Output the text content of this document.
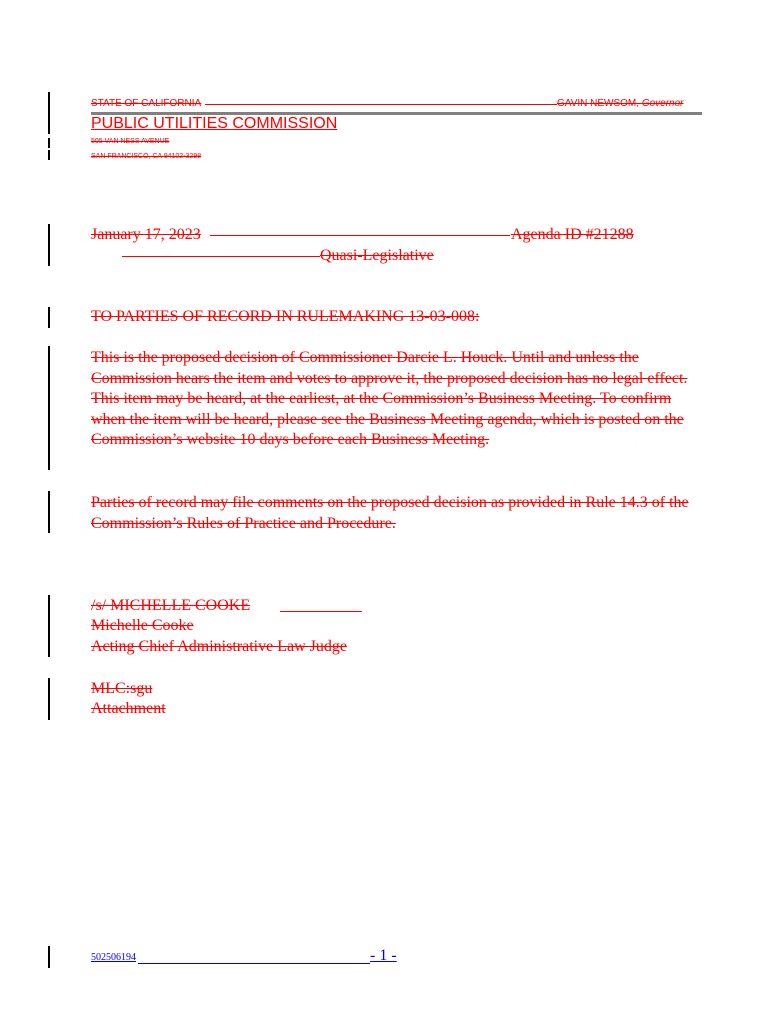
STATE OF CALIFORNIA	GAVIN NEWSOM, Governor
PUBLIC UTILITIES COMMISSION
505 VAN NESS AVENUE
SAN FRANCISCO, CA 94102-3298
January 17, 2023	Agenda ID #21288
Quasi-Legislative
TO PARTIES OF RECORD IN RULEMAKING 13-03-008:
This is the proposed decision of Commissioner Darcie L. Houck. Until and unless the Commission hears the item and votes to approve it, the proposed decision has no legal effect. This item may be heard, at the earliest, at the Commission’s Business Meeting. To confirm when the item will be heard, please see the Business Meeting agenda, which is posted on the Commission’s website 10 days before each Business Meeting.
Parties of record may file comments on the proposed decision as provided in Rule 14.3 of the Commission’s Rules of Practice and Procedure.
/s/ MICHELLE COOKE
Michelle Cooke
Acting Chief Administrative Law Judge
MLC:sgu
Attachment
502506194	- 1 -
